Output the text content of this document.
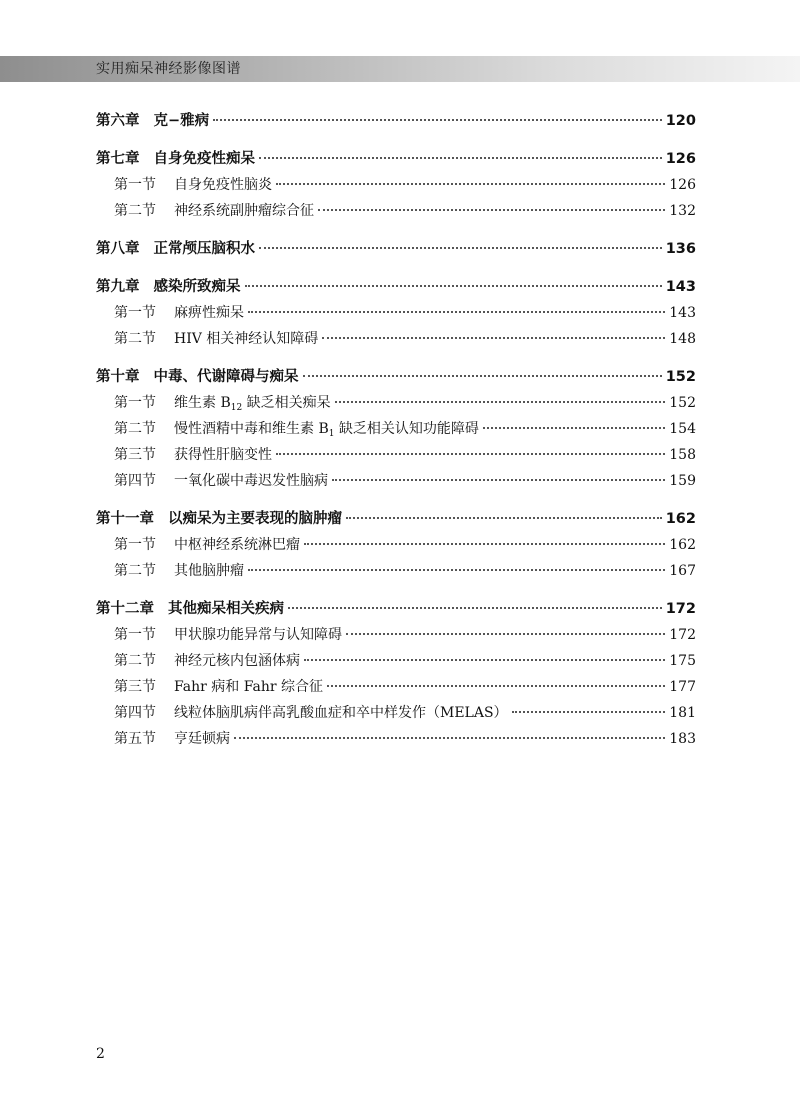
实用痴呆神经影像图谱
第六章 克−雅病	120
第七章 自身免疫性痴呆	126
第一节	自身免疫性脑炎	126
第二节	神经系统副肿瘤综合征	132
第八章 正常颅压脑积水	136
第九章 感染所致痴呆	143
第一节	麻痹性痴呆	143
第二节	HIV 相关神经认知障碍	148
第十章 中毒、代谢障碍与痴呆	152
第一节	维生素 $B_{12}$ 缺乏相关痴呆	152
第二节	慢性酒精中毒和维生素 $B_1$ 缺乏相关认知功能障碍	154
第三节	获得性肝脑变性	158
第四节	一氧化碳中毒迟发性脑病	159
第十一章 以痴呆为主要表现的脑肿瘤	162
第一节	中枢神经系统淋巴瘤	162
第二节	其他脑肿瘤	167
第十二章 其他痴呆相关疾病	172
第一节	甲状腺功能异常与认知障碍	172
第二节	神经元核内包涵体病	175
第三节	Fahr 病和 Fahr 综合征	177
第四节	线粒体脑肌病伴高乳酸血症和卒中样发作（MELAS）	181
第五节	亨廷顿病	183
2
